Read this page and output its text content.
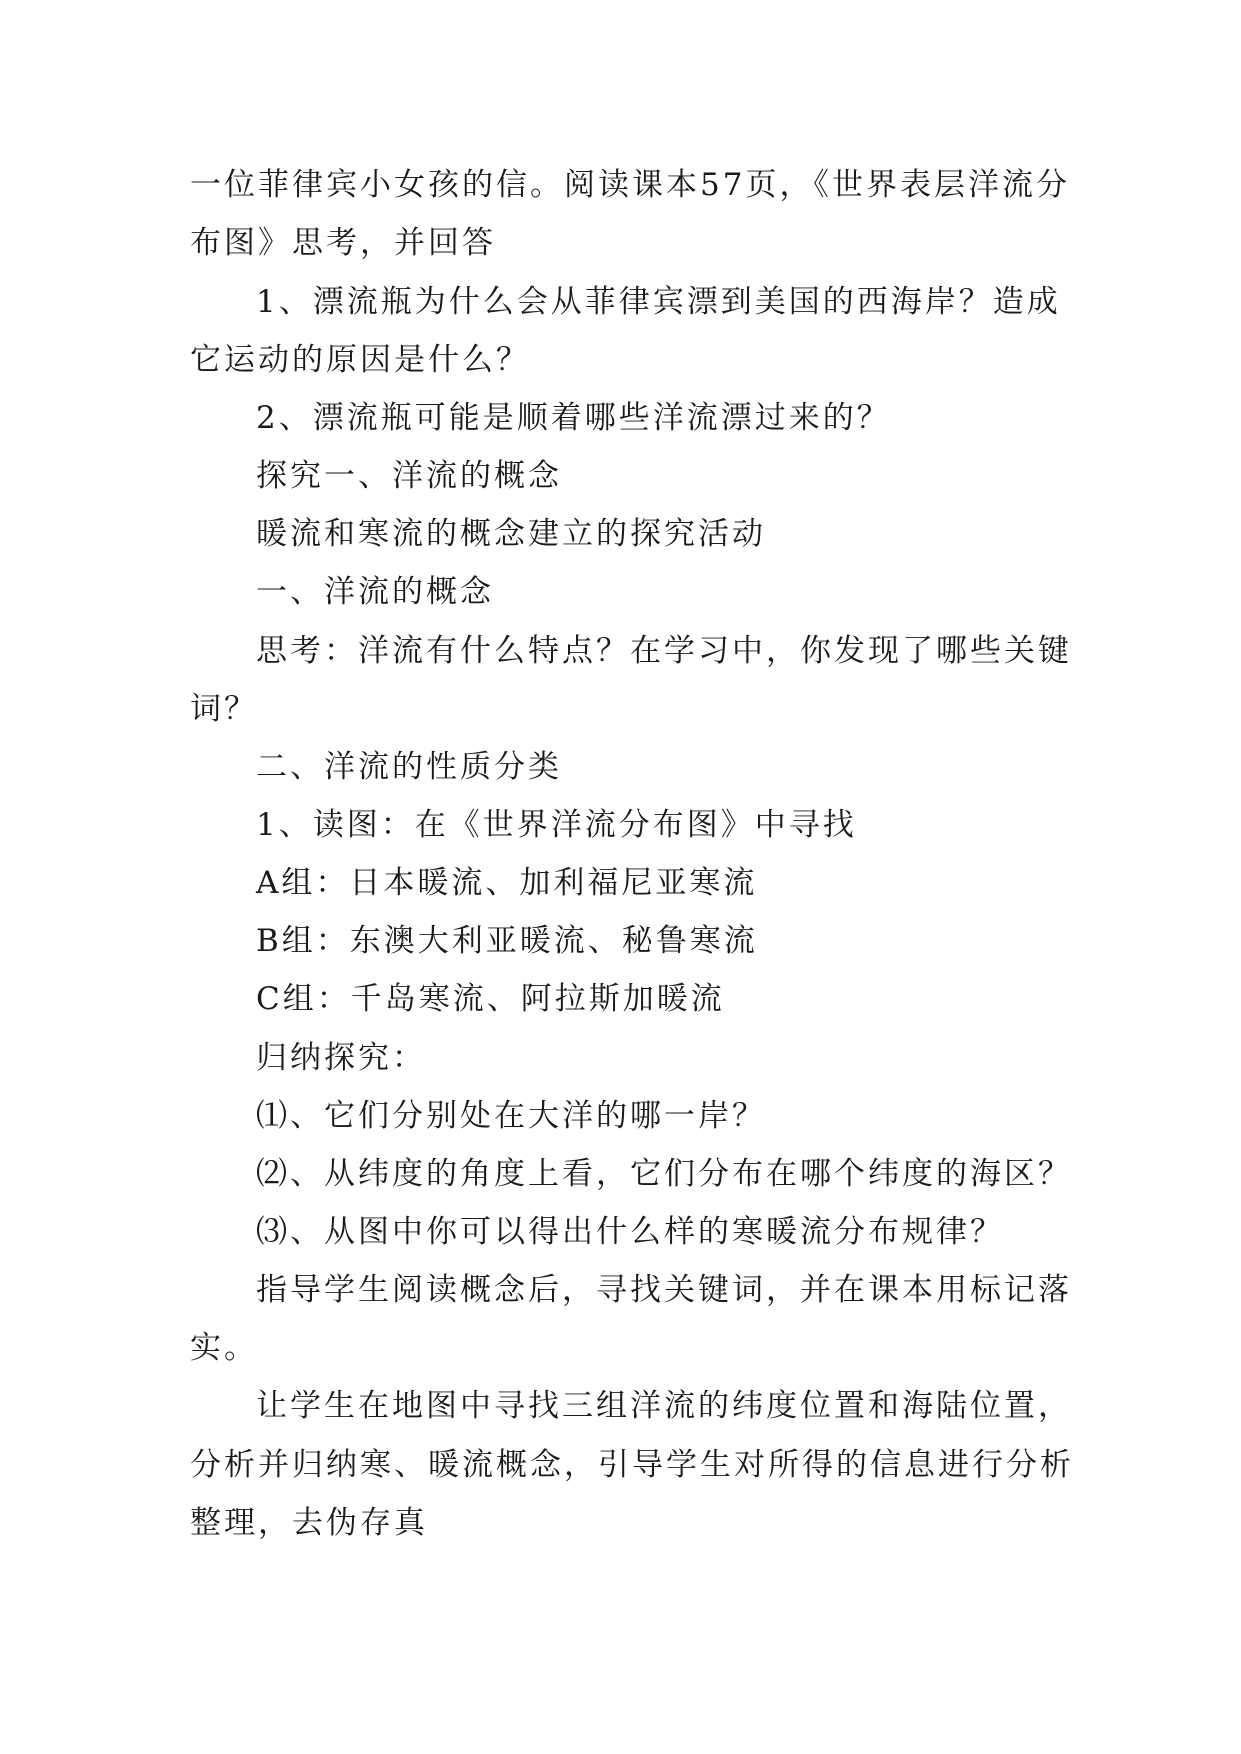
一位菲律宾小女孩的信。阅读课本57页，《世界表层洋流分
布图》思考，并回答
1、漂流瓶为什么会从菲律宾漂到美国的西海岸？造成
它运动的原因是什么？
2、漂流瓶可能是顺着哪些洋流漂过来的？
探究一、洋流的概念
暖流和寒流的概念建立的探究活动
一、洋流的概念
思考：洋流有什么特点？在学习中，你发现了哪些关键
词？
二、洋流的性质分类
1、读图：在《世界洋流分布图》中寻找
A组：日本暖流、加利福尼亚寒流
B组：东澳大利亚暖流、秘鲁寒流
C组：千岛寒流、阿拉斯加暖流
归纳探究：
⑴、它们分别处在大洋的哪一岸？
⑵、从纬度的角度上看，它们分布在哪个纬度的海区？
⑶、从图中你可以得出什么样的寒暖流分布规律？
指导学生阅读概念后，寻找关键词，并在课本用标记落
实。
让学生在地图中寻找三组洋流的纬度位置和海陆位置，
分析并归纳寒、暖流概念，引导学生对所得的信息进行分析
整理，去伪存真
